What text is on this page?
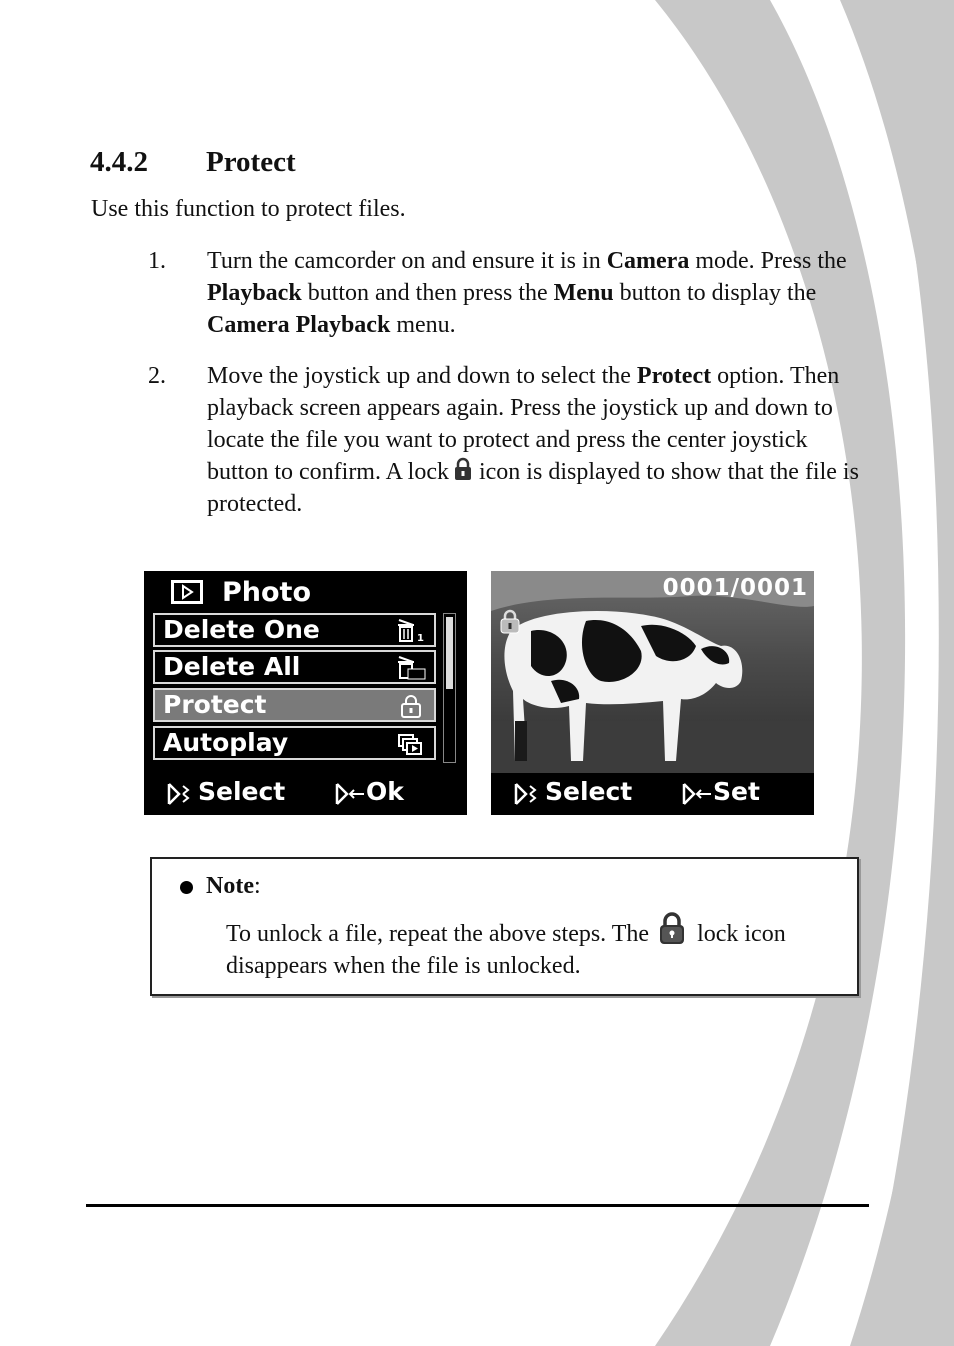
4.4.2 Protect
Use this function to protect files.
1. Turn the camcorder on and ensure it is in Camera mode. Press the Playback button and then press the Menu button to display the Camera Playback menu.
2. Move the joystick up and down to select the Protect option. Then playback screen appears again. Press the joystick up and down to locate the file you want to protect and press the center joystick button to confirm. A lock icon is displayed to show that the file is protected.
Photo
Delete One	1
Delete All
Protect
Autoplay
Select	Ok
0001/0001
Select	Set
Note:
To unlock a file, repeat the above steps. The lock icon disappears when the file is unlocked.
